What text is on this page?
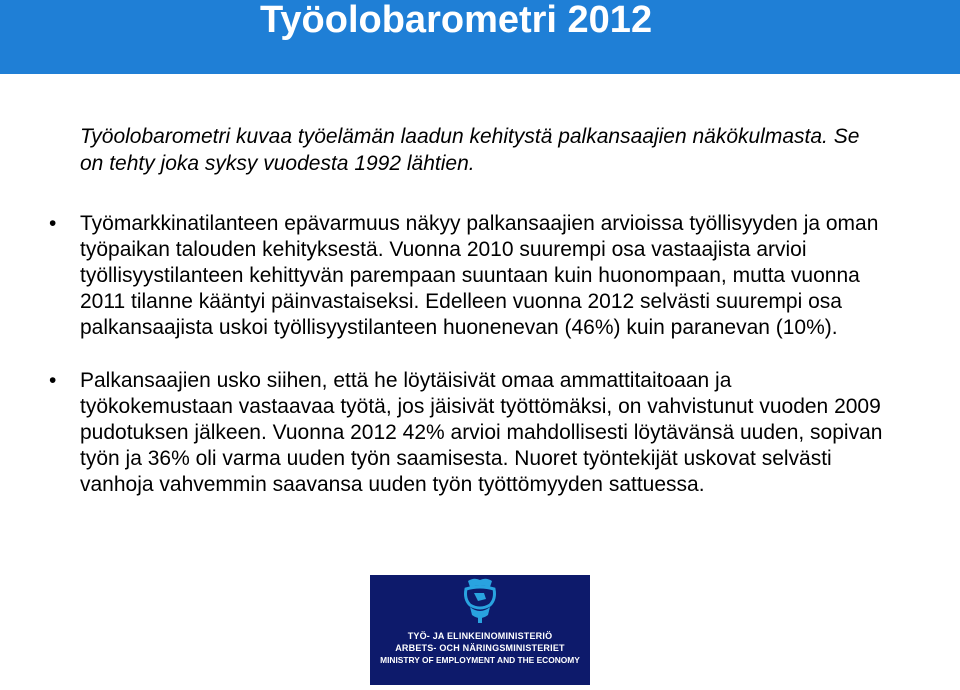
Työolobarometri 2012

Työolobarometri kuvaa työelämän laadun kehitystä palkansaajien näkökulmasta. Se on tehty joka syksy vuodesta 1992 lähtien.

• Työmarkkinatilanteen epävarmuus näkyy palkansaajien arvioissa työllisyyden ja oman työpaikan talouden kehityksestä. Vuonna 2010 suurempi osa vastaajista arvioi työllisyystilanteen kehittyvän parempaan suuntaan kuin huonompaan, mutta vuonna 2011 tilanne kääntyi päinvastaiseksi. Edelleen vuonna 2012 selvästi suurempi osa palkansaajista uskoi työllisyystilanteen huonenevan (46%) kuin paranevan (10%).
• Palkansaajien usko siihen, että he löytäisivät omaa ammattitaitoaan ja työkokemustaan vastaavaa työtä, jos jäisivät työttömäksi, on vahvistunut vuoden 2009 pudotuksen jälkeen. Vuonna 2012 42% arvioi mahdollisesti löytävänsä uuden, sopivan työn ja 36% oli varma uuden työn saamisesta. Nuoret työntekijät uskovat selvästi vanhoja vahvemmin saavansa uuden työn työttömyyden sattuessa.
TYÖ- JA ELINKEINOMINISTERIÖ
ARBETS- OCH NÄRINGSMINISTERIET
MINISTRY OF EMPLOYMENT AND THE ECONOMY
